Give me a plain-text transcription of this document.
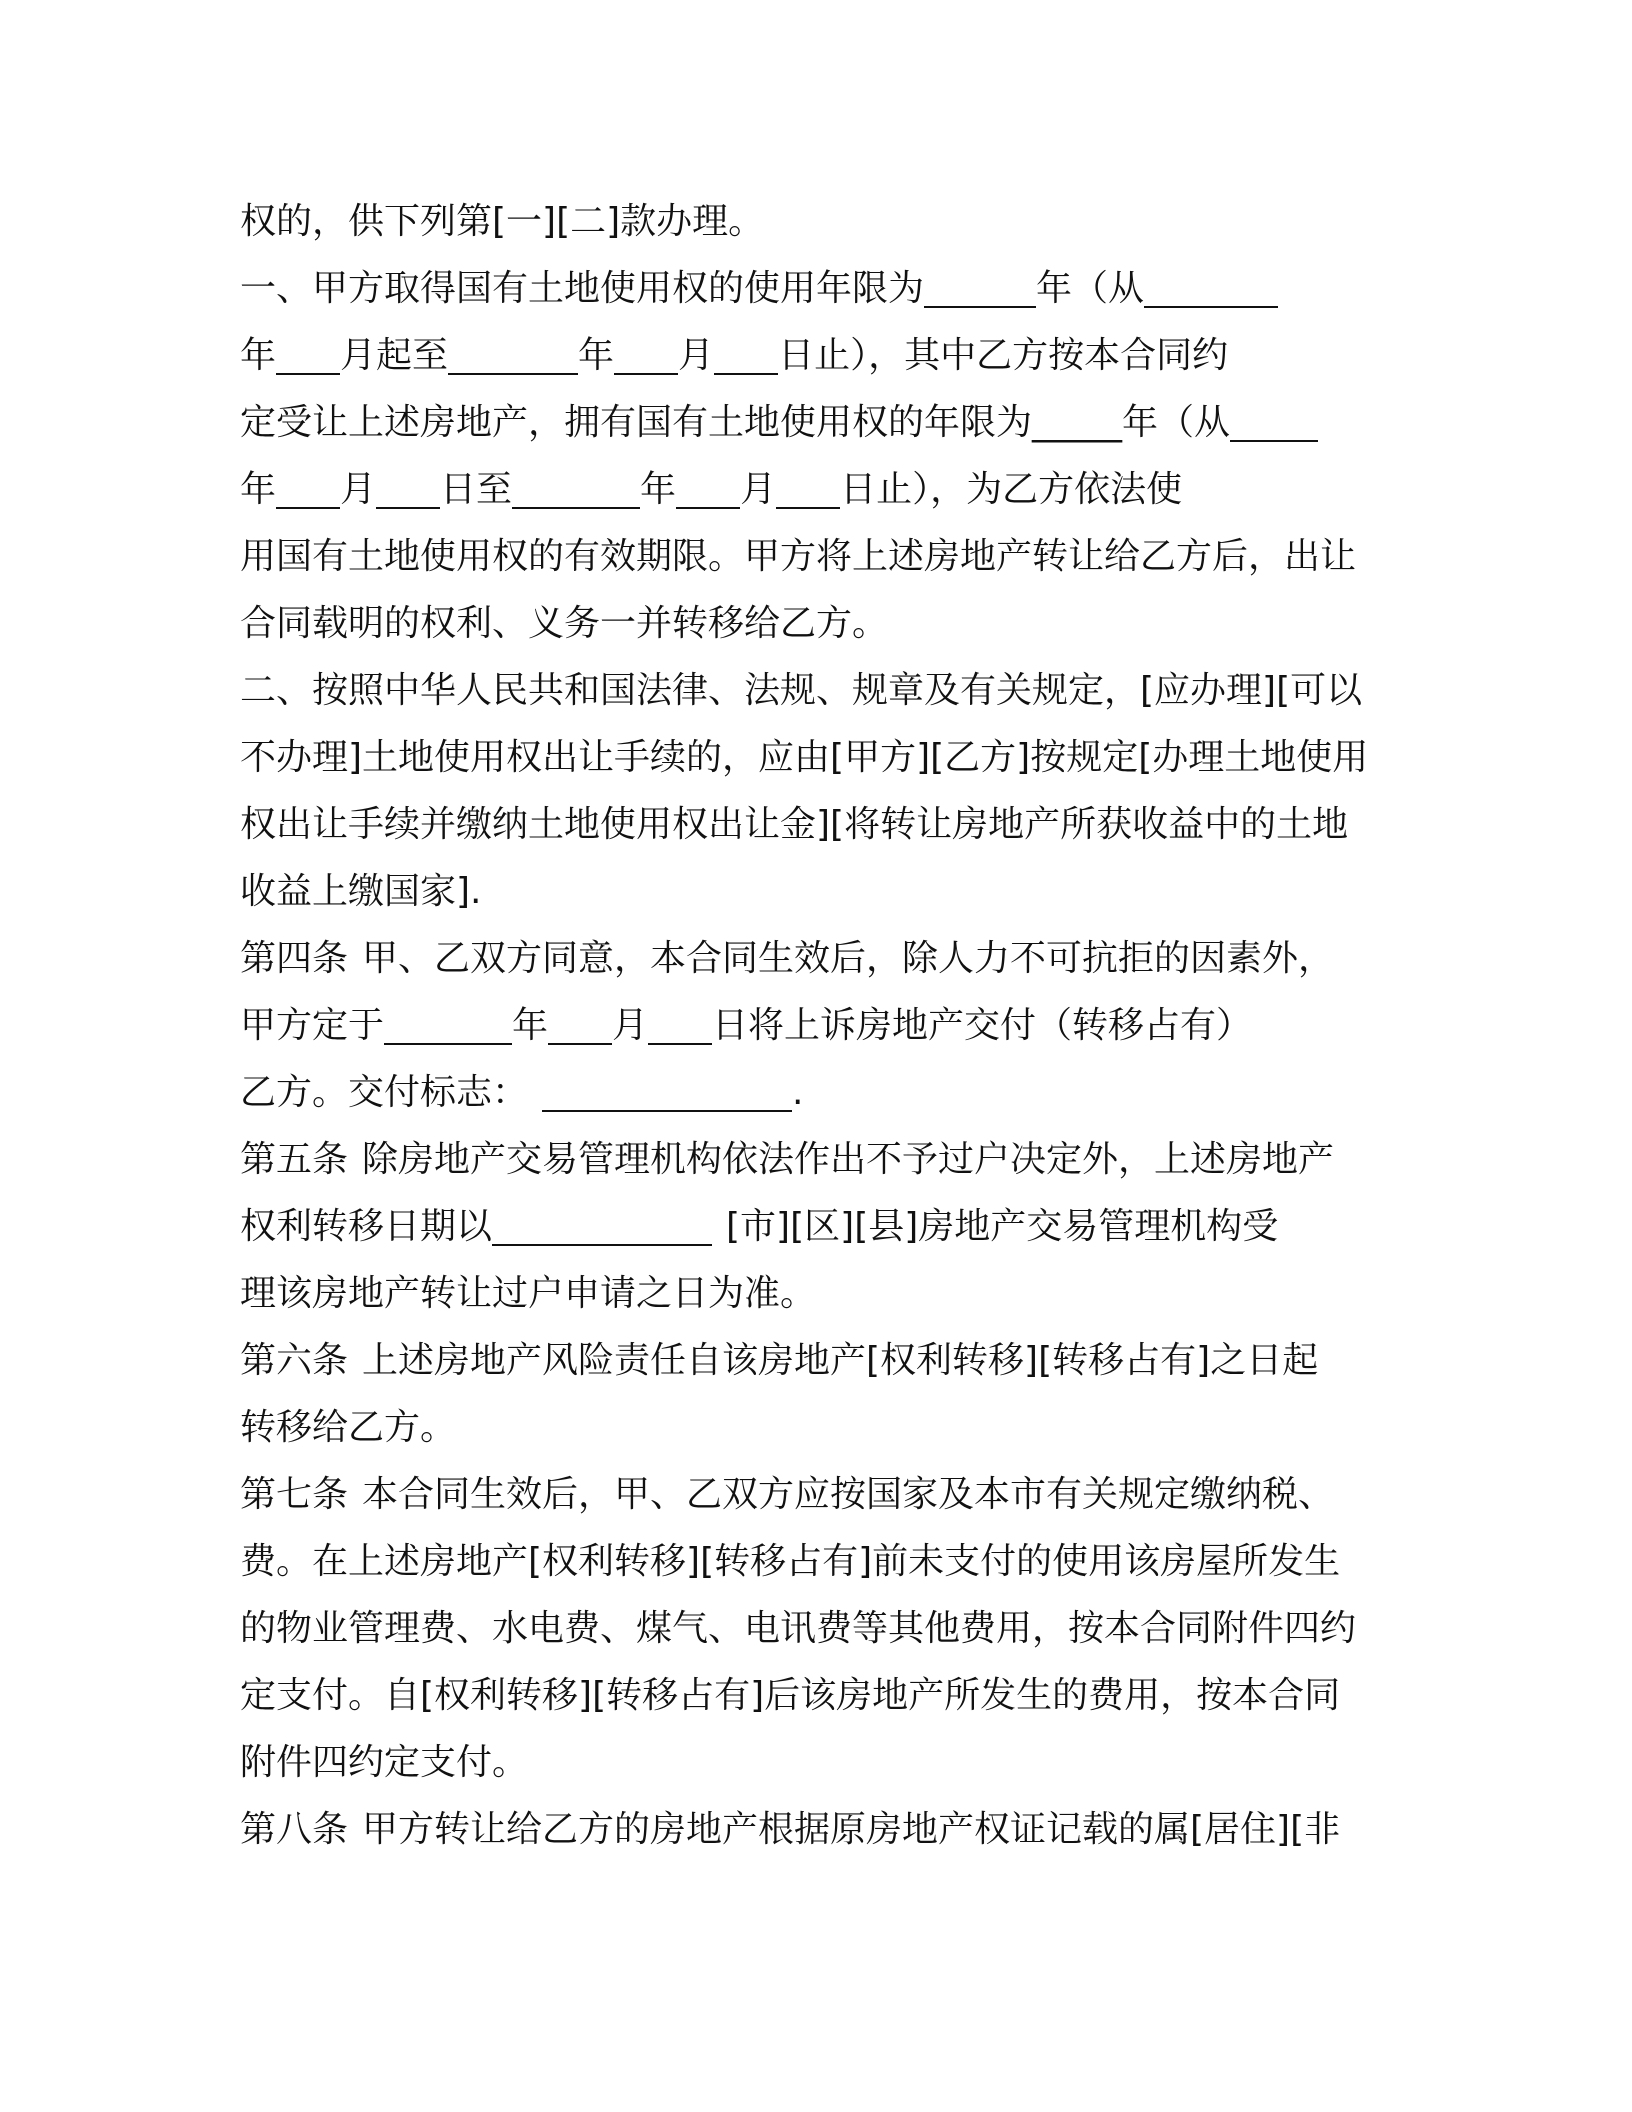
权的，供下列第[一][二]款办理。
一、甲方取得国有土地使用权的使用年限为	年（从
年 月起至	年 月 日止），其中乙方按本合同约
定受让上述房地产，拥有国有土地使用权的年限为_____年（从
年 月 日至	年 月 日止），为乙方依法使
用国有土地使用权的有效期限。甲方将上述房地产转让给乙方后，出让
合同载明的权利、义务一并转移给乙方。
二、按照中华人民共和国法律、法规、规章及有关规定，[应办理][可以
不办理]土地使用权出让手续的，应由[甲方][乙方]按规定[办理土地使用
权出让手续并缴纳土地使用权出让金][将转让房地产所获收益中的土地
收益上缴国家].
第四条 甲、乙双方同意，本合同生效后，除人力不可抗拒的因素外，
甲方定于	年 月 日将上诉房地产交付（转移占有）
乙方。交付标志：	.
第五条 除房地产交易管理机构依法作出不予过户决定外，上述房地产
权利转移日期以	[市][区][县]房地产交易管理机构受
理该房地产转让过户申请之日为准。
第六条 上述房地产风险责任自该房地产[权利转移][转移占有]之日起
转移给乙方。
第七条 本合同生效后，甲、乙双方应按国家及本市有关规定缴纳税、
费。在上述房地产[权利转移][转移占有]前未支付的使用该房屋所发生
的物业管理费、水电费、煤气、电讯费等其他费用，按本合同附件四约
定支付。自[权利转移][转移占有]后该房地产所发生的费用，按本合同
附件四约定支付。
第八条 甲方转让给乙方的房地产根据原房地产权证记载的属[居住][非
